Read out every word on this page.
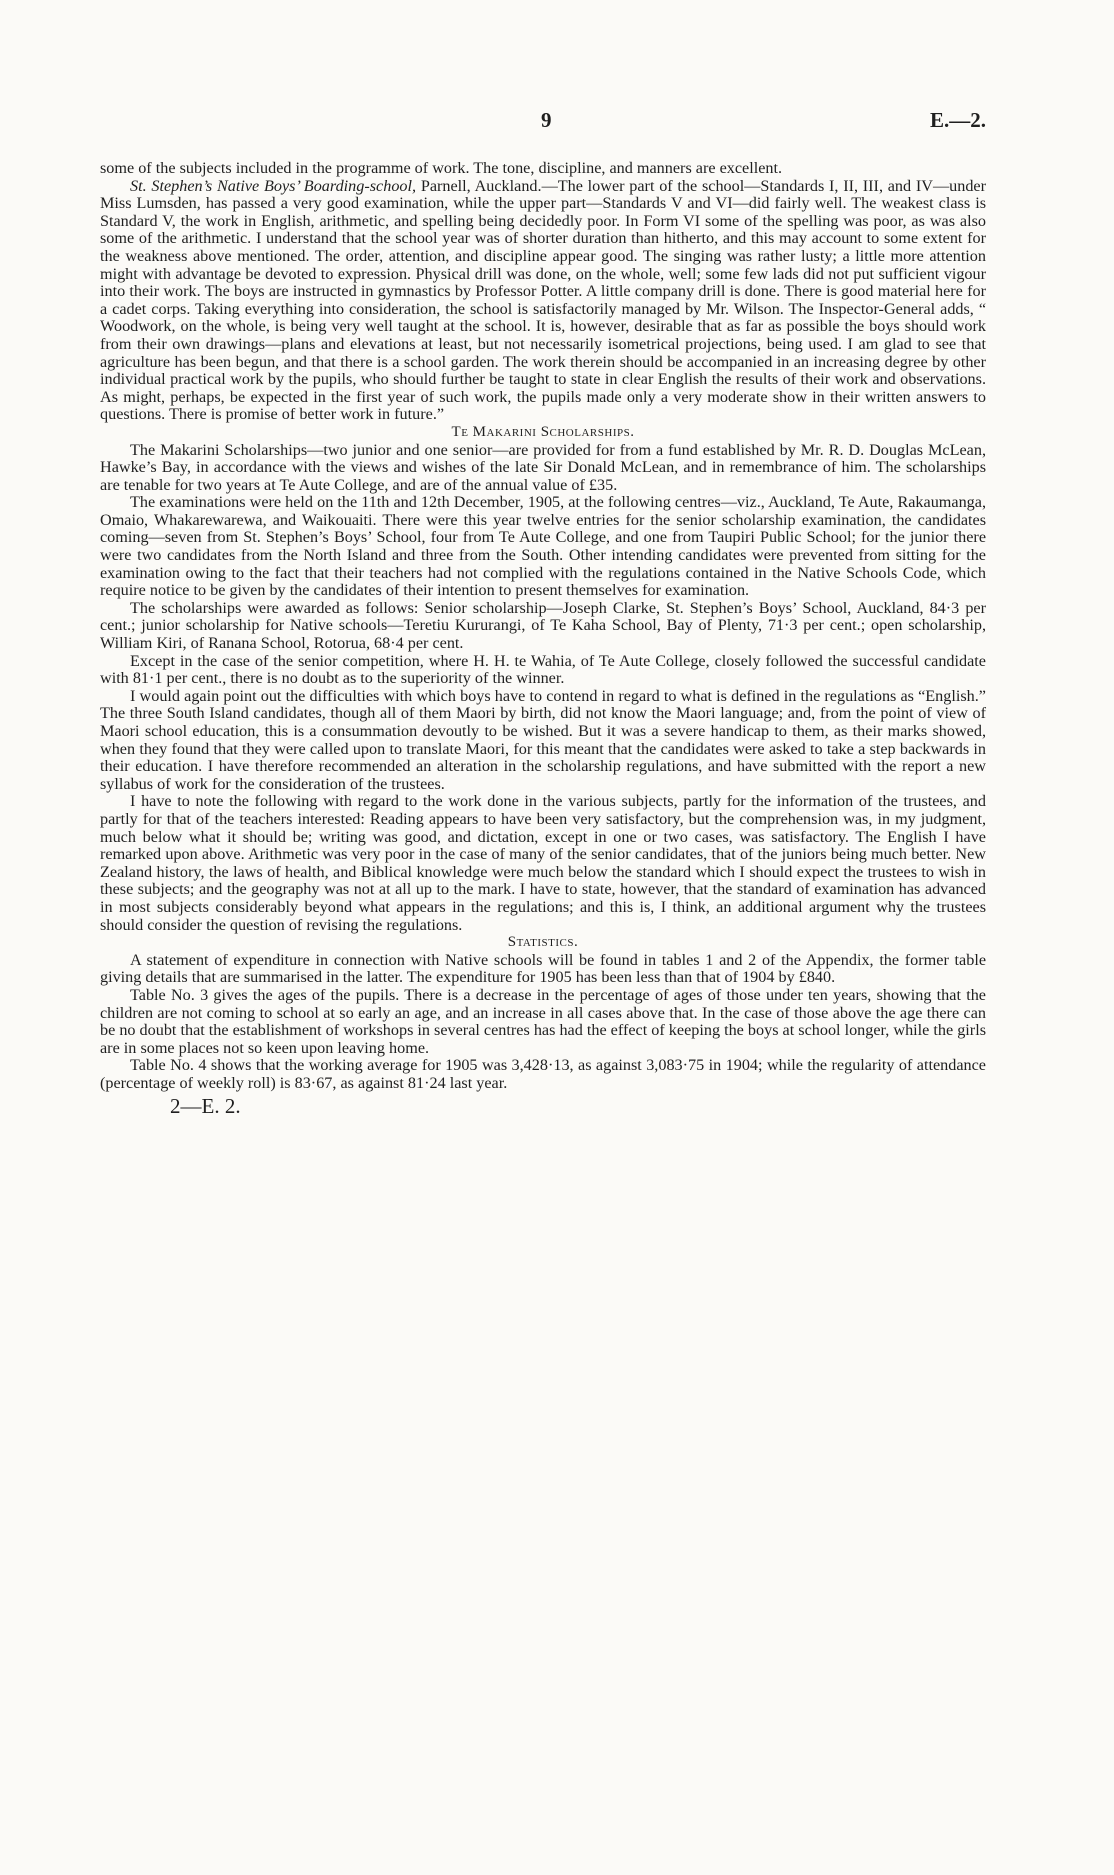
9	E.—2.

some of the subjects included in the programme of work. The tone, discipline, and manners are excellent.

St. Stephen’s Native Boys’ Boarding-school, Parnell, Auckland.—The lower part of the school—Standards I, II, III, and IV—under Miss Lumsden, has passed a very good examination, while the upper part—Standards V and VI—did fairly well. The weakest class is Standard V, the work in English, arithmetic, and spelling being decidedly poor. In Form VI some of the spelling was poor, as was also some of the arithmetic. I understand that the school year was of shorter duration than hitherto, and this may account to some extent for the weakness above mentioned. The order, attention, and discipline appear good. The singing was rather lusty; a little more attention might with advantage be devoted to expression. Physical drill was done, on the whole, well; some few lads did not put sufficient vigour into their work. The boys are instructed in gymnastics by Professor Potter. A little company drill is done. There is good material here for a cadet corps. Taking everything into consideration, the school is satisfactorily managed by Mr. Wilson. The Inspector-General adds, “ Woodwork, on the whole, is being very well taught at the school. It is, however, desirable that as far as possible the boys should work from their own drawings—plans and elevations at least, but not necessarily isometrical projections, being used. I am glad to see that agriculture has been begun, and that there is a school garden. The work therein should be accompanied in an increasing degree by other individual practical work by the pupils, who should further be taught to state in clear English the results of their work and observations. As might, perhaps, be expected in the first year of such work, the pupils made only a very moderate show in their written answers to questions. There is promise of better work in future.”

Te Makarini Scholarships.

The Makarini Scholarships—two junior and one senior—are provided for from a fund established by Mr. R. D. Douglas McLean, Hawke’s Bay, in accordance with the views and wishes of the late Sir Donald McLean, and in remembrance of him. The scholarships are tenable for two years at Te Aute College, and are of the annual value of £35.

The examinations were held on the 11th and 12th December, 1905, at the following centres—viz., Auckland, Te Aute, Rakaumanga, Omaio, Whakarewarewa, and Waikouaiti. There were this year twelve entries for the senior scholarship examination, the candidates coming—seven from St. Stephen’s Boys’ School, four from Te Aute College, and one from Taupiri Public School; for the junior there were two candidates from the North Island and three from the South. Other intending candidates were prevented from sitting for the examination owing to the fact that their teachers had not complied with the regulations contained in the Native Schools Code, which require notice to be given by the candidates of their intention to present themselves for examination.

The scholarships were awarded as follows: Senior scholarship—Joseph Clarke, St. Stephen’s Boys’ School, Auckland, 84·3 per cent.; junior scholarship for Native schools—Teretiu Kururangi, of Te Kaha School, Bay of Plenty, 71·3 per cent.; open scholarship, William Kiri, of Ranana School, Rotorua, 68·4 per cent.

Except in the case of the senior competition, where H. H. te Wahia, of Te Aute College, closely followed the successful candidate with 81·1 per cent., there is no doubt as to the superiority of the winner.

I would again point out the difficulties with which boys have to contend in regard to what is defined in the regulations as “English.” The three South Island candidates, though all of them Maori by birth, did not know the Maori language; and, from the point of view of Maori school education, this is a consummation devoutly to be wished. But it was a severe handicap to them, as their marks showed, when they found that they were called upon to translate Maori, for this meant that the candidates were asked to take a step backwards in their education. I have therefore recommended an alteration in the scholarship regulations, and have submitted with the report a new syllabus of work for the consideration of the trustees.

I have to note the following with regard to the work done in the various subjects, partly for the information of the trustees, and partly for that of the teachers interested: Reading appears to have been very satisfactory, but the comprehension was, in my judgment, much below what it should be; writing was good, and dictation, except in one or two cases, was satisfactory. The English I have remarked upon above. Arithmetic was very poor in the case of many of the senior candidates, that of the juniors being much better. New Zealand history, the laws of health, and Biblical knowledge were much below the standard which I should expect the trustees to wish in these subjects; and the geography was not at all up to the mark. I have to state, however, that the standard of examination has advanced in most subjects considerably beyond what appears in the regulations; and this is, I think, an additional argument why the trustees should consider the question of revising the regulations.

Statistics.

A statement of expenditure in connection with Native schools will be found in tables 1 and 2 of the Appendix, the former table giving details that are summarised in the latter. The expenditure for 1905 has been less than that of 1904 by £840.

Table No. 3 gives the ages of the pupils. There is a decrease in the percentage of ages of those under ten years, showing that the children are not coming to school at so early an age, and an increase in all cases above that. In the case of those above the age there can be no doubt that the establishment of workshops in several centres has had the effect of keeping the boys at school longer, while the girls are in some places not so keen upon leaving home.

Table No. 4 shows that the working average for 1905 was 3,428·13, as against 3,083·75 in 1904; while the regularity of attendance (percentage of weekly roll) is 83·67, as against 81·24 last year.

2—E. 2.
